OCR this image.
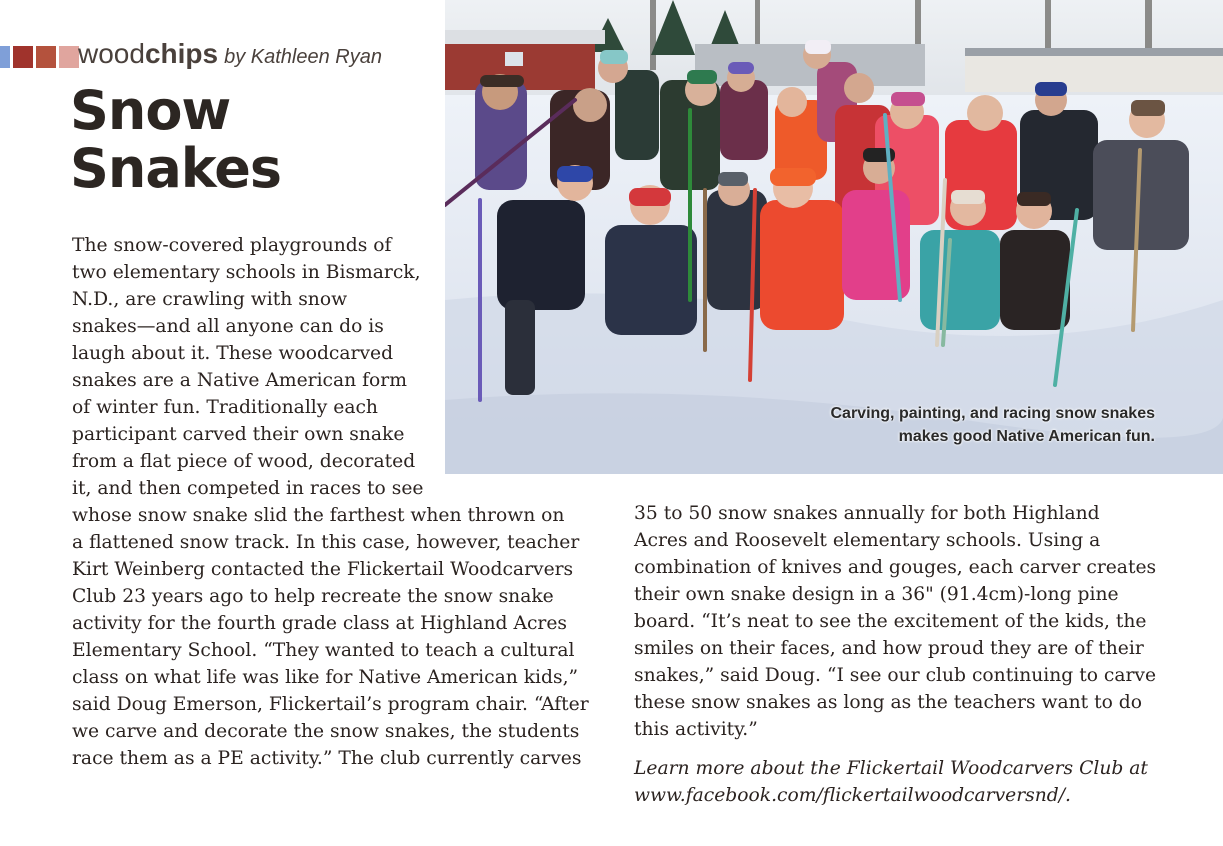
woodchips by Kathleen Ryan
Snow
Snakes
Carving, painting, and racing snow snakes
makes good Native American fun.
The snow-covered playgrounds of
two elementary schools in Bismarck,
N.D., are crawling with snow
snakes—and all anyone can do is
laugh about it. These woodcarved
snakes are a Native American form
of winter fun. Traditionally each
participant carved their own snake
from a flat piece of wood, decorated
it, and then competed in races to see
whose snow snake slid the farthest when thrown on
a flattened snow track. In this case, however, teacher
Kirt Weinberg contacted the Flickertail Woodcarvers
Club 23 years ago to help recreate the snow snake
activity for the fourth grade class at Highland Acres
Elementary School. “They wanted to teach a cultural
class on what life was like for Native American kids,”
said Doug Emerson, Flickertail’s program chair. “After
we carve and decorate the snow snakes, the students
race them as a PE activity.” The club currently carves
35 to 50 snow snakes annually for both Highland
Acres and Roosevelt elementary schools. Using a
combination of knives and gouges, each carver creates
their own snake design in a 36" (91.4cm)-long pine
board. “It’s neat to see the excitement of the kids, the
smiles on their faces, and how proud they are of their
snakes,” said Doug. “I see our club continuing to carve
these snow snakes as long as the teachers want to do
this activity.”
Learn more about the Flickertail Woodcarvers Club at
www.facebook.com/flickertailwoodcarversnd/.
